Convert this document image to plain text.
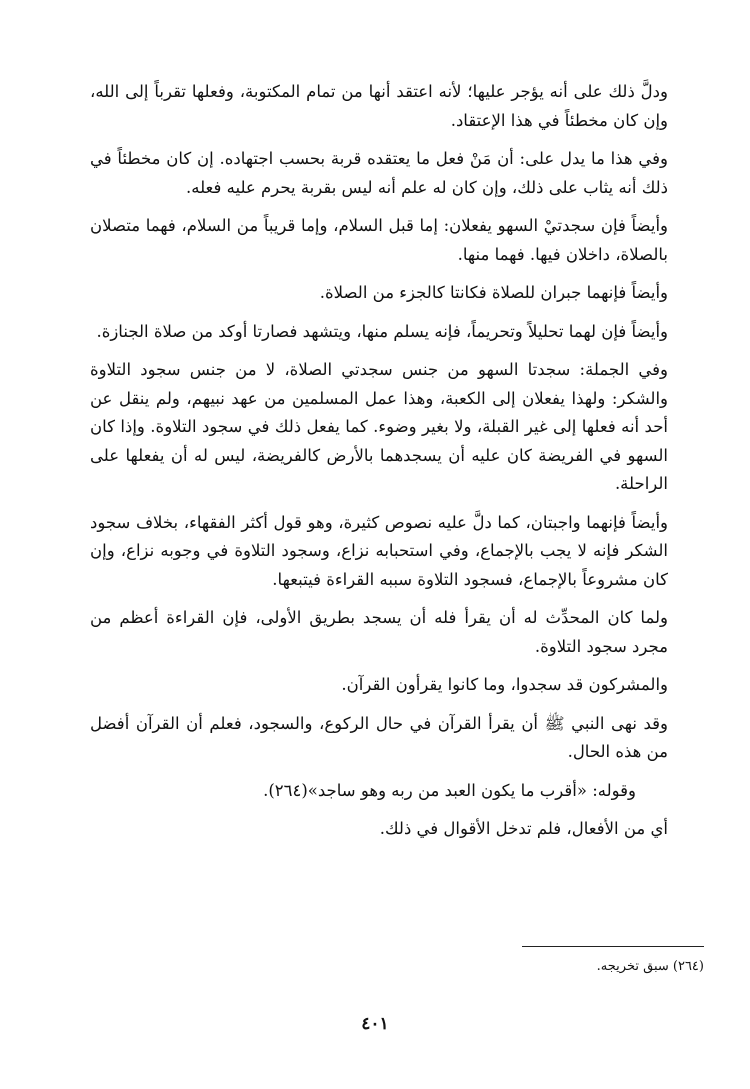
ودلَّ ذلك على أنه يؤجر عليها؛ لأنه اعتقد أنها من تمام المكتوبة، وفعلها تقرباً إلى الله، وإن كان مخطئاً في هذا الإعتقاد.

وفي هذا ما يدل على: أن مَنْ فعل ما يعتقده قربة بحسب اجتهاده. إن كان مخطئاً في ذلك أنه يثاب على ذلك، وإن كان له علم أنه ليس بقربة يحرم عليه فعله.

وأيضاً فإن سجدتيْ السهو يفعلان: إما قبل السلام، وإما قريباً من السلام، فهما متصلان بالصلاة، داخلان فيها. فهما منها.

وأيضاً فإنهما جبران للصلاة فكانتا كالجزء من الصلاة.

وأيضاً فإن لهما تحليلاً وتحريماً، فإنه يسلم منها، ويتشهد فصارتا أوكد من صلاة الجنازة.

وفي الجملة: سجدتا السهو من جنس سجدتي الصلاة، لا من جنس سجود التلاوة والشكر: ولهذا يفعلان إلى الكعبة، وهذا عمل المسلمين من عهد نبيهم، ولم ينقل عن أحد أنه فعلها إلى غير القبلة، ولا بغير وضوء. كما يفعل ذلك في سجود التلاوة. وإذا كان السهو في الفريضة كان عليه أن يسجدهما بالأرض كالفريضة، ليس له أن يفعلها على الراحلة.

وأيضاً فإنهما واجبتان، كما دلَّ عليه نصوص كثيرة، وهو قول أكثر الفقهاء، بخلاف سجود الشكر فإنه لا يجب بالإجماع، وفي استحبابه نزاع، وسجود التلاوة في وجوبه نزاع، وإن كان مشروعاً بالإجماع، فسجود التلاوة سببه القراءة فيتبعها.

ولما كان المحدِّث له أن يقرأ فله أن يسجد بطريق الأولى، فإن القراءة أعظم من مجرد سجود التلاوة.

والمشركون قد سجدوا، وما كانوا يقرأون القرآن.

وقد نهى النبي ﷺ أن يقرأ القرآن في حال الركوع، والسجود، فعلم أن القرآن أفضل من هذه الحال.

وقوله: «أقرب ما يكون العبد من ربه وهو ساجد»(٢٦٤).

أي من الأفعال، فلم تدخل الأقوال في ذلك.

(٢٦٤) سبق تخريجه.
٤٠١
